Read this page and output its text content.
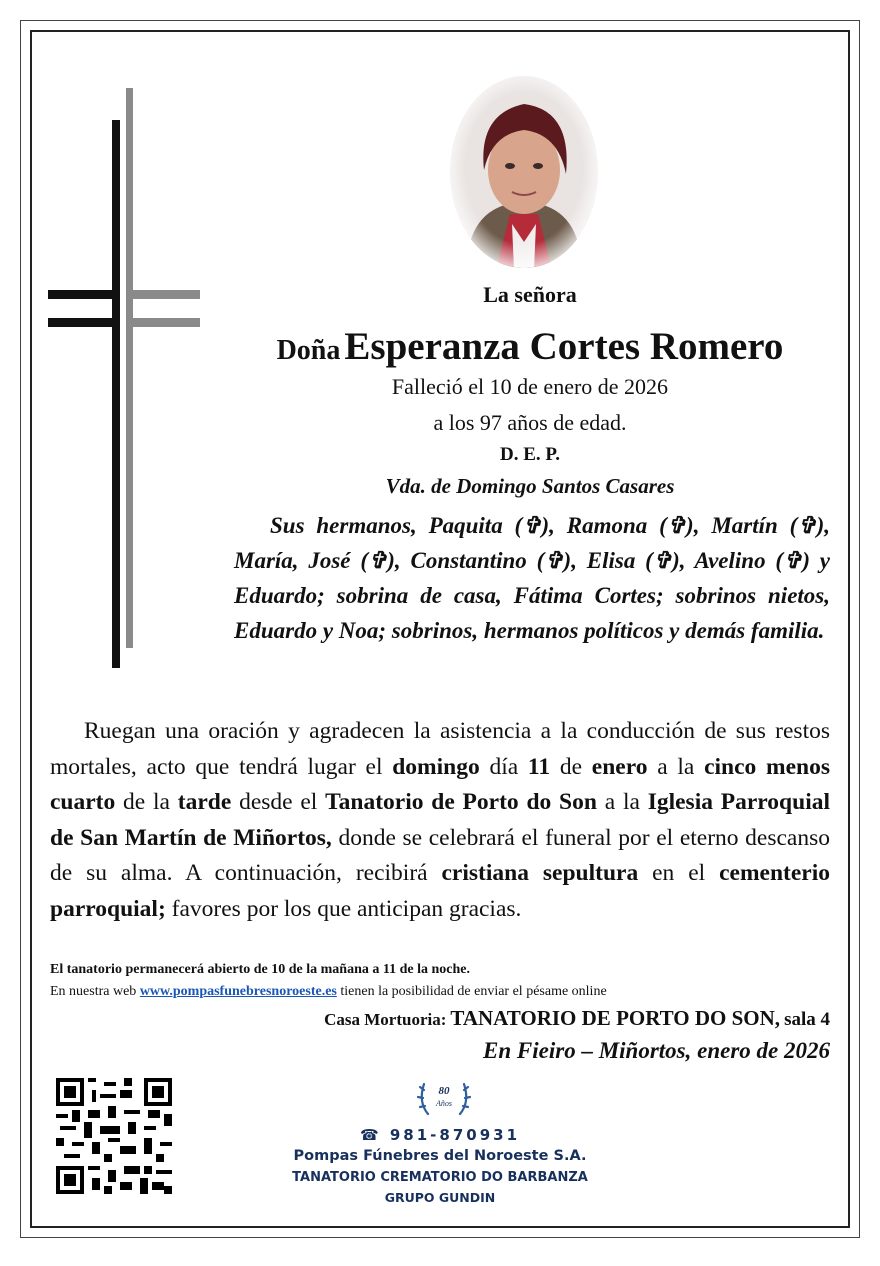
La señora
Doña Esperanza Cortes Romero
Falleció el 10 de enero de 2026
a los 97 años de edad.
D. E. P.
Vda. de Domingo Santos Casares
Sus hermanos, Paquita (✞), Ramona (✞), Martín (✞), María, José (✞), Constantino (✞), Elisa (✞), Avelino (✞) y Eduardo; sobrina de casa, Fátima Cortes; sobrinos nietos, Eduardo y Noa; sobrinos, hermanos políticos y demás familia.
Ruegan una oración y agradecen la asistencia a la conducción de sus restos mortales, acto que tendrá lugar el domingo día 11 de enero a la cinco menos cuarto de la tarde desde el Tanatorio de Porto do Son a la Iglesia Parroquial de San Martín de Miñortos, donde se celebrará el funeral por el eterno descanso de su alma. A continuación, recibirá cristiana sepultura en el cementerio parroquial; favores por los que anticipan gracias.
El tanatorio permanecerá abierto de 10 de la mañana a 11 de la noche.
En nuestra web www.pompasfunebresnoroeste.es tienen la posibilidad de enviar el pésame online
Casa Mortuoria: TANATORIO DE PORTO DO SON, sala 4
En Fieiro – Miñortos, enero de 2026
80
Años
☎ 981-870931
Pompas Fúnebres del Noroeste S.A.
TANATORIO CREMATORIO DO BARBANZA
GRUPO GUNDIN
